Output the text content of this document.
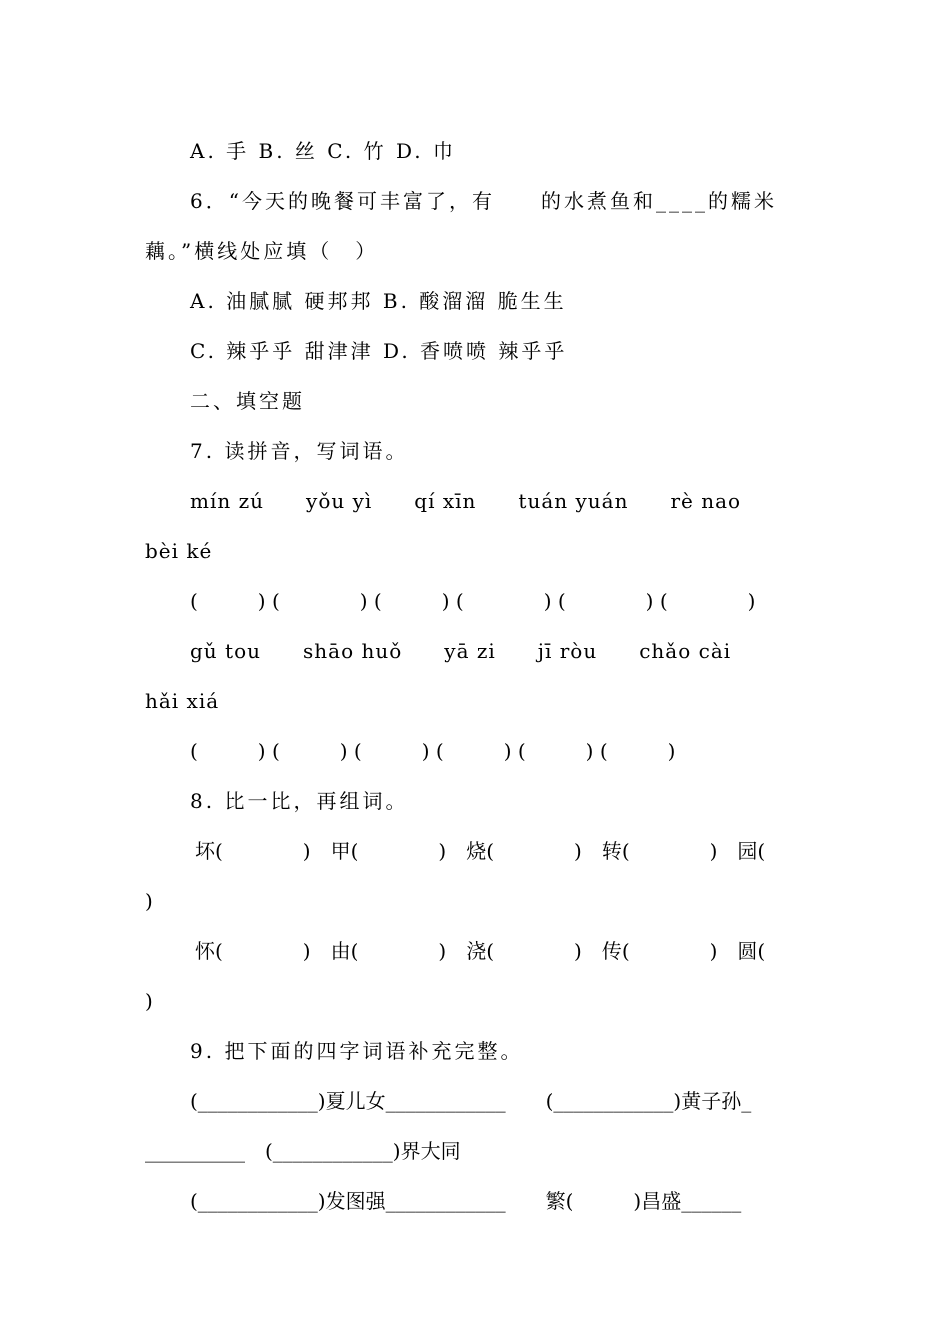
A. 手 B. 丝 C. 竹 D. 巾
6．“今天的晚餐可丰富了，有　　的水煮鱼和____的糯米
藕。”横线处应填（　）
A. 油腻腻 硬邦邦 B. 酸溜溜 脆生生
C. 辣乎乎 甜津津 D. 香喷喷 辣乎乎
二、填空题
7. 读拼音，写词语。
mín zú　　yǒu yì　　qí xīn　　tuán yuán　　rè nao
bèi ké
(　　　) (　　　　) (　　　) (　　　　) (　　　　) (　　　　)
gǔ tou　　shāo huǒ　　yā zi　　jī ròu　　chǎo cài
hǎi xiá
(　　　) (　　　) (　　　) (　　　) (　　　) (　　　)
8. 比一比，再组词。
坏(　　　　)　甲(　　　　)　烧(　　　　)　转(　　　　)　园(
)
怀(　　　　)　由(　　　　)　浇(　　　　)　传(　　　　)　圆(
)
9. 把下面的四字词语补充完整。
(____________)夏儿女____________　　(____________)黄子孙_
__________　(____________)界大同
(____________)发图强____________　　繁(　　　)昌盛______
